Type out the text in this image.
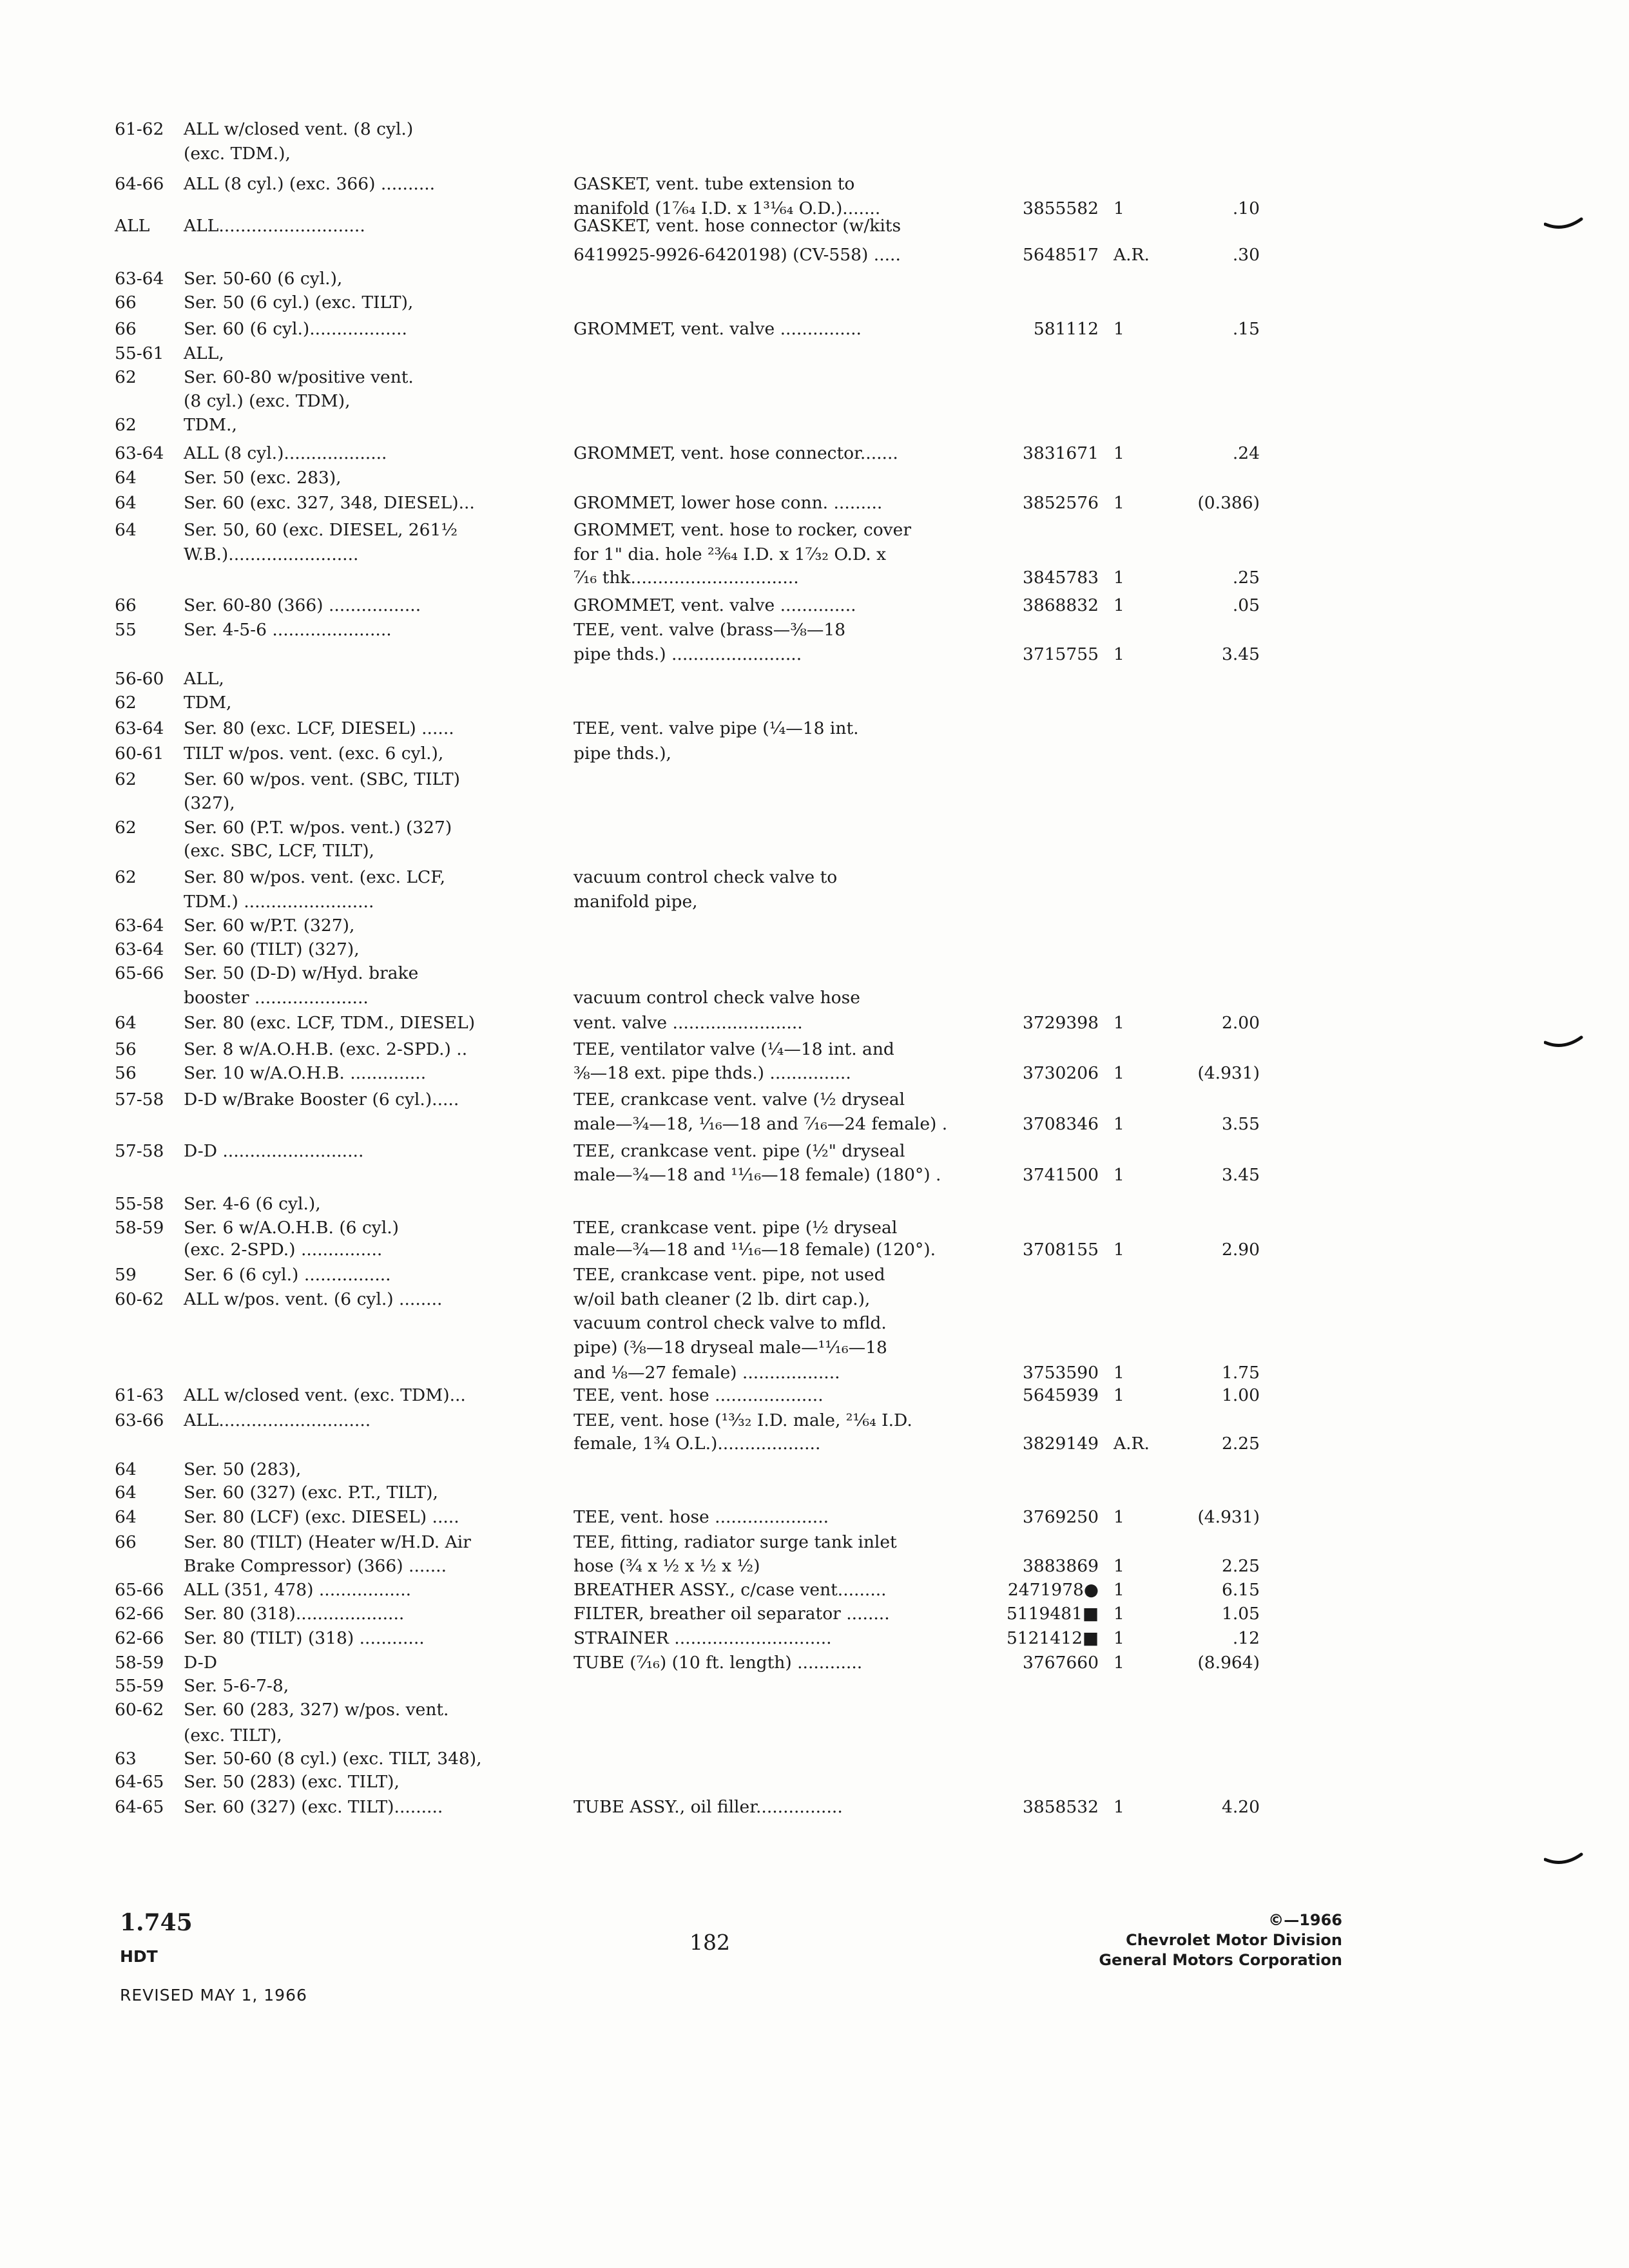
61-62	ALL w/closed vent. (8 cyl.)
(exc. TDM.),
64-66	ALL (8 cyl.) (exc. 366) ..........	GASKET, vent. tube extension to
manifold (1⁷⁄₆₄ I.D. x 1³¹⁄₆₄ O.D.).......	3855582 1	.10
ALL	ALL...........................	GASKET, vent. hose connector (w/kits
6419925-9926-6420198) (CV-558) .....	5648517 A.R.	.30
63-64	Ser. 50-60 (6 cyl.),
66	Ser. 50 (6 cyl.) (exc. TILT),
66	Ser. 60 (6 cyl.)..................	GROMMET, vent. valve ...............	581112 1	.15
55-61	ALL,
62	Ser. 60-80 w/positive vent.
(8 cyl.) (exc. TDM),
62	TDM.,
63-64	ALL (8 cyl.)...................	GROMMET, vent. hose connector.......	3831671 1	.24
64	Ser. 50 (exc. 283),
64	Ser. 60 (exc. 327, 348, DIESEL)...	GROMMET, lower hose conn. .........	3852576 1	(0.386)
64	Ser. 50, 60 (exc. DIESEL, 261½	GROMMET, vent. hose to rocker, cover
W.B.)........................	for 1" dia. hole ²³⁄₆₄ I.D. x 1⁷⁄₃₂ O.D. x
⁷⁄₁₆ thk...............................	3845783 1	.25
66	Ser. 60-80 (366) .................	GROMMET, vent. valve ..............	3868832 1	.05
55	Ser. 4-5-6 ......................	TEE, vent. valve (brass—⅜—18
pipe thds.) ........................	3715755 1	3.45
56-60	ALL,
62	TDM,
63-64	Ser. 80 (exc. LCF, DIESEL) ......	TEE, vent. valve pipe (¼—18 int.
60-61	TILT w/pos. vent. (exc. 6 cyl.),	pipe thds.),
62	Ser. 60 w/pos. vent. (SBC, TILT)
(327),
62	Ser. 60 (P.T. w/pos. vent.) (327)
(exc. SBC, LCF, TILT),
62	Ser. 80 w/pos. vent. (exc. LCF,	vacuum control check valve to
TDM.) ........................	manifold pipe,
63-64	Ser. 60 w/P.T. (327),
63-64	Ser. 60 (TILT) (327),
65-66	Ser. 50 (D-D) w/Hyd. brake
booster .....................	vacuum control check valve hose
64	Ser. 80 (exc. LCF, TDM., DIESEL)	vent. valve ........................	3729398 1	2.00
56	Ser. 8 w/A.O.H.B. (exc. 2-SPD.) ..	TEE, ventilator valve (¼—18 int. and
56	Ser. 10 w/A.O.H.B. ..............	⅜—18 ext. pipe thds.) ...............	3730206 1	(4.931)
57-58	D-D w/Brake Booster (6 cyl.).....	TEE, crankcase vent. valve (½ dryseal
male—¾—18, ¹⁄₁₆—18 and ⁷⁄₁₆—24 female) .	3708346 1	3.55
57-58	D-D ..........................	TEE, crankcase vent. pipe (½" dryseal
male—¾—18 and ¹¹⁄₁₆—18 female) (180°) .	3741500 1	3.45
55-58	Ser. 4-6 (6 cyl.),
58-59	Ser. 6 w/A.O.H.B. (6 cyl.)	TEE, crankcase vent. pipe (½ dryseal
(exc. 2-SPD.) ...............	male—¾—18 and ¹¹⁄₁₆—18 female) (120°).	3708155 1	2.90
59	Ser. 6 (6 cyl.) ................	TEE, crankcase vent. pipe, not used
60-62	ALL w/pos. vent. (6 cyl.) ........	w/oil bath cleaner (2 lb. dirt cap.),
vacuum control check valve to mfld.
pipe) (⅜—18 dryseal male—¹¹⁄₁₆—18
and ⅛—27 female) ..................	3753590 1	1.75
61-63	ALL w/closed vent. (exc. TDM)...	TEE, vent. hose ....................	5645939 1	1.00
63-66	ALL............................	TEE, vent. hose (¹³⁄₃₂ I.D. male, ²¹⁄₆₄ I.D.
female, 1¾ O.L.)...................	3829149 A.R.	2.25
64	Ser. 50 (283),
64	Ser. 60 (327) (exc. P.T., TILT),
64	Ser. 80 (LCF) (exc. DIESEL) .....	TEE, vent. hose .....................	3769250 1	(4.931)
66	Ser. 80 (TILT) (Heater w/H.D. Air	TEE, fitting, radiator surge tank inlet
Brake Compressor) (366) .......	hose (¾ x ½ x ½ x ½)	3883869 1	2.25
65-66	ALL (351, 478) .................	BREATHER ASSY., c/case vent.........	2471978● 1	6.15
62-66	Ser. 80 (318)....................	FILTER, breather oil separator ........	5119481■ 1	1.05
62-66	Ser. 80 (TILT) (318) ............	STRAINER .............................	5121412■ 1	.12
58-59	D-D	TUBE (⁷⁄₁₆) (10 ft. length) ............	3767660 1	(8.964)
55-59	Ser. 5-6-7-8,
60-62	Ser. 60 (283, 327) w/pos. vent.
(exc. TILT),
63	Ser. 50-60 (8 cyl.) (exc. TILT, 348),
64-65	Ser. 50 (283) (exc. TILT),
64-65	Ser. 60 (327) (exc. TILT).........	TUBE ASSY., oil filler................	3858532 1	4.20
1.745
HDT
REVISED MAY 1, 1966
182
©—1966
Chevrolet Motor Division
General Motors Corporation
